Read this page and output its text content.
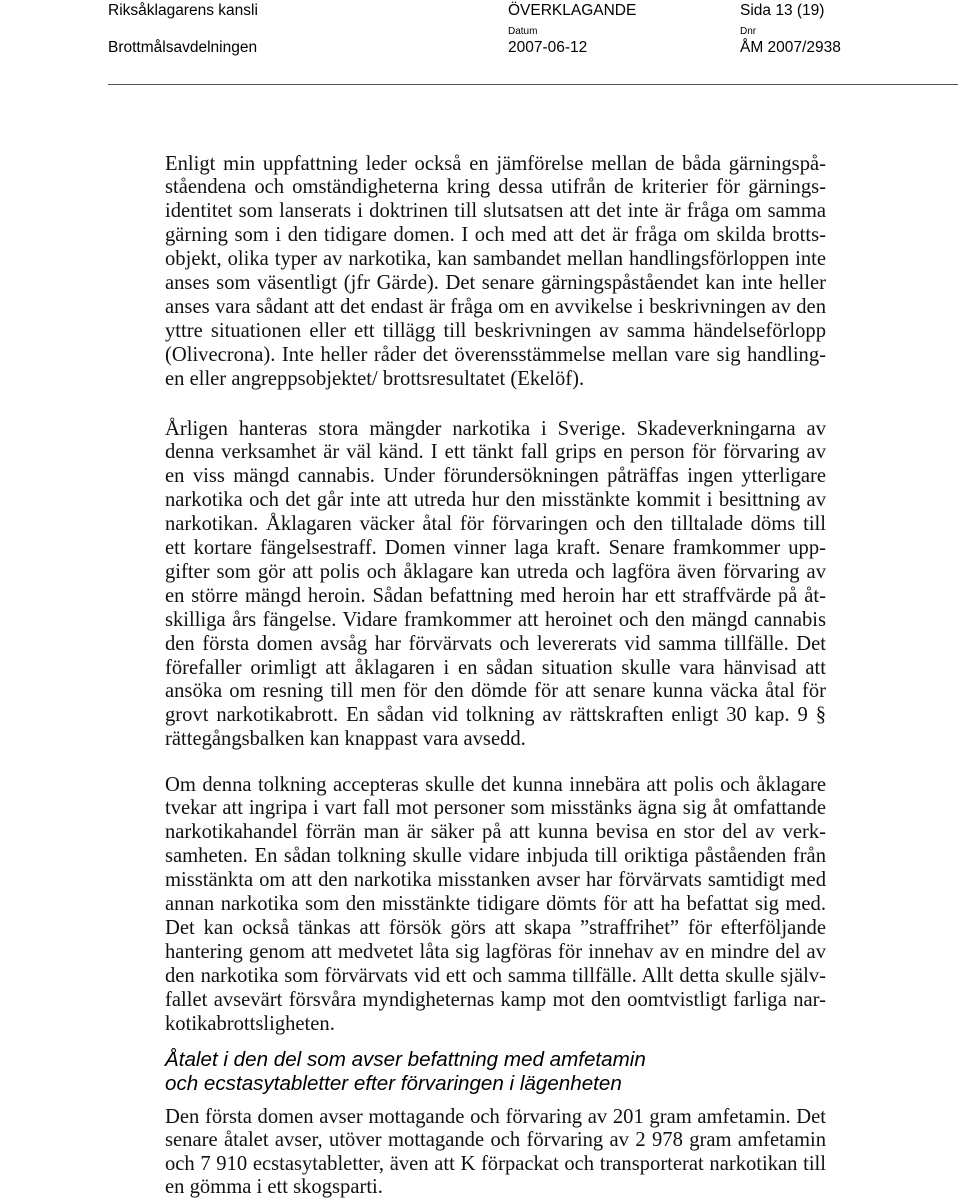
Riksåklagarens kansli
Brottmålsavdelningen
ÖVERKLAGANDE
Datum
2007-06-12
Sida 13 (19)
Dnr
ÅM 2007/2938
Enligt min uppfattning leder också en jämförelse mellan de båda gärningspå-
ståendena och omständigheterna kring dessa utifrån de kriterier för gärnings-
identitet som lanserats i doktrinen till slutsatsen att det inte är fråga om samma
gärning som i den tidigare domen. I och med att det är fråga om skilda brotts-
objekt, olika typer av narkotika, kan sambandet mellan handlingsförloppen inte
anses som väsentligt (jfr Gärde). Det senare gärningspåståendet kan inte heller
anses vara sådant att det endast är fråga om en avvikelse i beskrivningen av den
yttre situationen eller ett tillägg till beskrivningen av samma händelseförlopp
(Olivecrona). Inte heller råder det överensstämmelse mellan vare sig handling-
en eller angreppsobjektet/ brottsresultatet (Ekelöf).
Årligen hanteras stora mängder narkotika i Sverige. Skadeverkningarna av
denna verksamhet är väl känd. I ett tänkt fall grips en person för förvaring av
en viss mängd cannabis. Under förundersökningen påträffas ingen ytterligare
narkotika och det går inte att utreda hur den misstänkte kommit i besittning av
narkotikan. Åklagaren väcker åtal för förvaringen och den tilltalade döms till
ett kortare fängelsestraff. Domen vinner laga kraft. Senare framkommer upp-
gifter som gör att polis och åklagare kan utreda och lagföra även förvaring av
en större mängd heroin. Sådan befattning med heroin har ett straffvärde på åt-
skilliga års fängelse. Vidare framkommer att heroinet och den mängd cannabis
den första domen avsåg har förvärvats och levererats vid samma tillfälle. Det
förefaller orimligt att åklagaren i en sådan situation skulle vara hänvisad att
ansöka om resning till men för den dömde för att senare kunna väcka åtal för
grovt narkotikabrott. En sådan vid tolkning av rättskraften enligt 30 kap. 9 §
rättegångsbalken kan knappast vara avsedd.
Om denna tolkning accepteras skulle det kunna innebära att polis och åklagare
tvekar att ingripa i vart fall mot personer som misstänks ägna sig åt omfattande
narkotikahandel förrän man är säker på att kunna bevisa en stor del av verk-
samheten. En sådan tolkning skulle vidare inbjuda till oriktiga påståenden från
misstänkta om att den narkotika misstanken avser har förvärvats samtidigt med
annan narkotika som den misstänkte tidigare dömts för att ha befattat sig med.
Det kan också tänkas att försök görs att skapa ”straffrihet” för efterföljande
hantering genom att medvetet låta sig lagföras för innehav av en mindre del av
den narkotika som förvärvats vid ett och samma tillfälle. Allt detta skulle själv-
fallet avsevärt försvåra myndigheternas kamp mot den oomtvistligt farliga nar-
kotikabrottsligheten.
Åtalet i den del som avser befattning med amfetamin
och ecstasytabletter efter förvaringen i lägenheten
Den första domen avser mottagande och förvaring av 201 gram amfetamin. Det
senare åtalet avser, utöver mottagande och förvaring av 2 978 gram amfetamin
och 7 910 ecstasytabletter, även att K förpackat och transporterat narkotikan till
en gömma i ett skogsparti.
